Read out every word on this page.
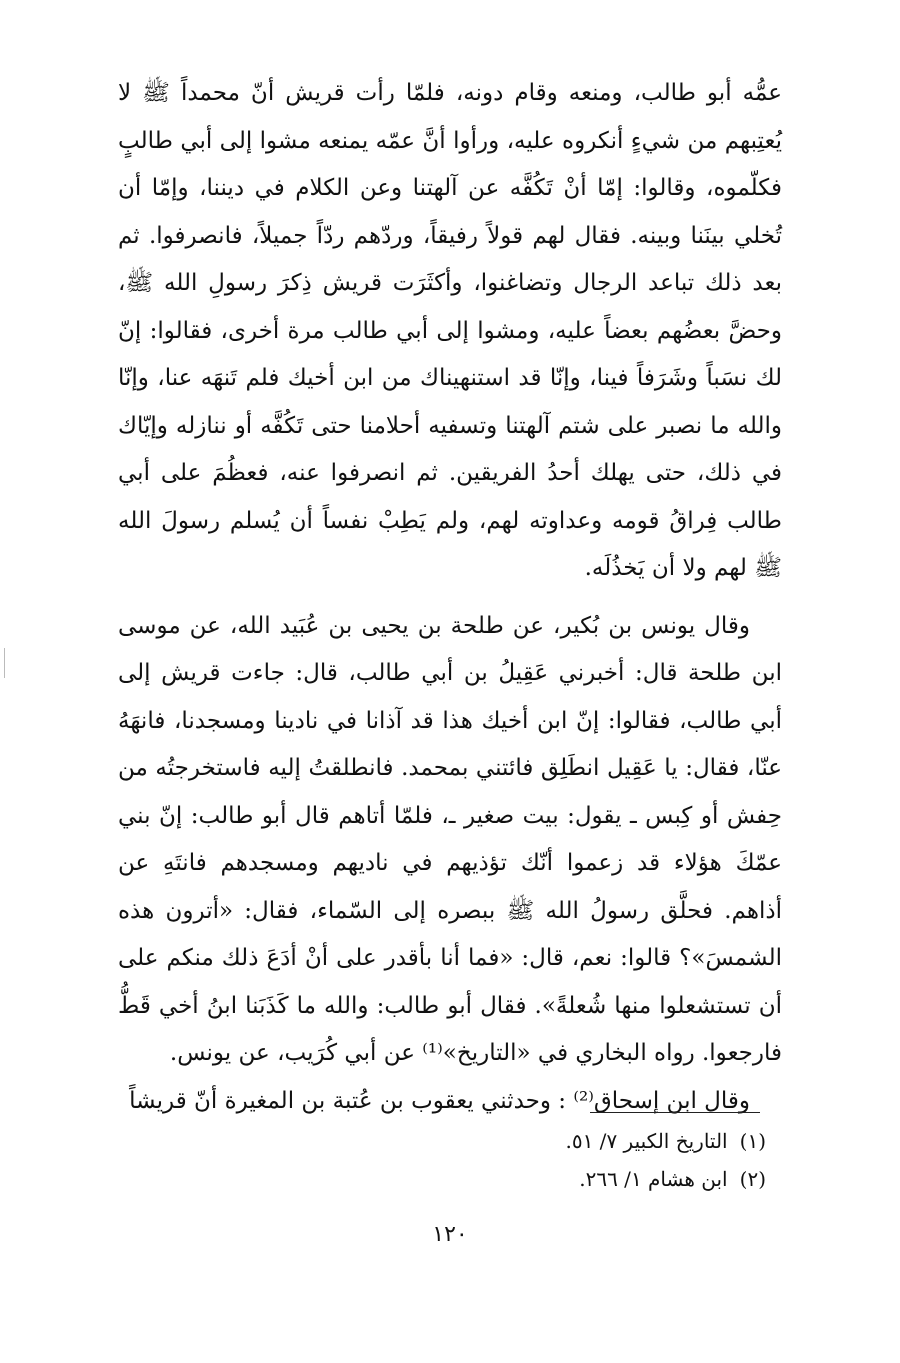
عمُّه أبو طالب، ومنعه وقام دونه، فلمّا رأت قريش أنّ محمداً ﷺ لا يُعتِبهم من شيءٍ أنكروه عليه، ورأوا أنَّ عمّه يمنعه مشوا إلى أبي طالبٍ فكلّموه، وقالوا: إمّا أنْ تَكُفَّه عن آلهتنا وعن الكلام في ديننا، وإمّا أن تُخلي بينَنا وبينه. فقال لهم قولاً رفيقاً، وردّهم ردّاً جميلاً، فانصرفوا. ثم بعد ذلك تباعد الرجال وتضاغنوا، وأكثَرَت قريش ذِكرَ رسولِ الله ﷺ، وحضَّ بعضُهم بعضاً عليه، ومشوا إلى أبي طالب مرة أخرى، فقالوا: إنّ لك نسَباً وشَرَفاً فينا، وإنّا قد استنهيناك من ابن أخيك فلم تَنهَه عنا، وإنّا والله ما نصبر على شتم آلهتنا وتسفيه أحلامنا حتى تَكُفَّه أو ننازله وإيّاك في ذلك، حتى يهلك أحدُ الفريقين. ثم انصرفوا عنه، فعظُمَ على أبي طالب فِراقُ قومه وعداوته لهم، ولم يَطِبْ نفساً أن يُسلم رسولَ الله ﷺ لهم ولا أن يَخذُلَه.

وقال يونس بن بُكير، عن طلحة بن يحيى بن عُبَيد الله، عن موسى ابن طلحة قال: أخبرني عَقِيلُ بن أبي طالب، قال: جاءت قريش إلى أبي طالب، فقالوا: إنّ ابن أخيك هذا قد آذانا في نادينا ومسجدنا، فانهَهُ عنّا، فقال: يا عَقِيل انطَلِق فائتني بمحمد. فانطلقتُ إليه فاستخرجتُه من حِفش أو كِبس ـ يقول: بيت صغير ـ، فلمّا أتاهم قال أبو طالب: إنّ بني عمّكَ هؤلاء قد زعموا أنّك تؤذيهم في ناديهم ومسجدهم فانتَهِ عن أذاهم. فحلَّق رسولُ الله ﷺ ببصره إلى السّماء، فقال: «أترون هذه الشمسَ»؟ قالوا: نعم، قال: «فما أنا بأقدر على أنْ أدَعَ ذلك منكم على أن تستشعلوا منها شُعلةً». فقال أبو طالب: والله ما كَذَبَنا ابنُ أخي قَطُّ فارجعوا. رواه البخاري في «التاريخ»⁽¹⁾ عن أبي كُرَيب، عن يونس.

وقال ابن إسحاق⁽²⁾ : وحدثني يعقوب بن عُتبة بن المغيرة أنّ قريشاً

(١)
التاريخ الكبير ٧/ ٥١.
(٢)
ابن هشام ١/ ٢٦٦.
١٢٠
